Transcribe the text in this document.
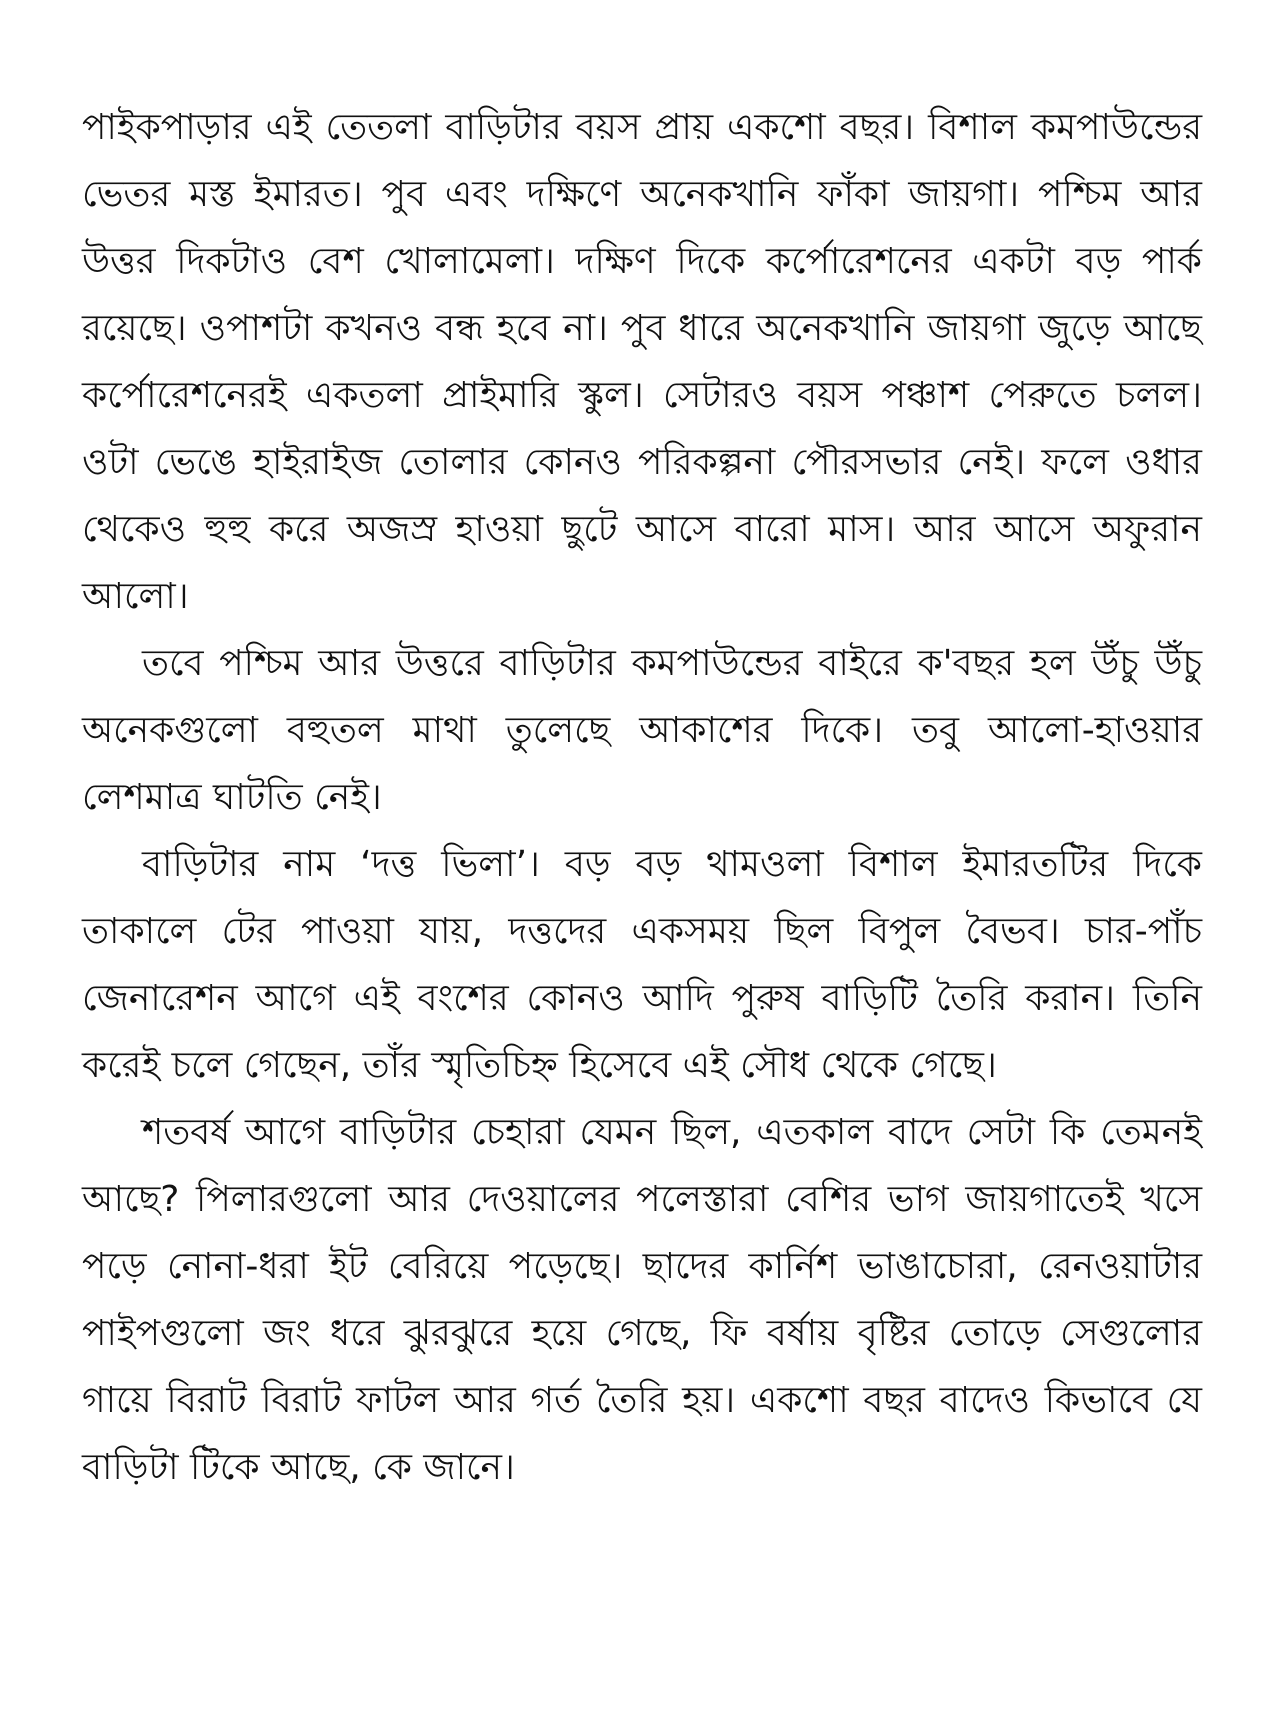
পাইকপাড়ার এই তেতলা বাড়িটার বয়স প্রায় একশো বছর। বিশাল কমপাউন্ডের ভেতর মস্ত ইমারত। পুব এবং দক্ষিণে অনেকখানি ফাঁকা জায়গা। পশ্চিম আর উত্তর দিকটাও বেশ খোলামেলা। দক্ষিণ দিকে কর্পোরেশনের একটা বড় পার্ক রয়েছে। ওপাশটা কখনও বন্ধ হবে না। পুব ধারে অনেকখানি জায়গা জুড়ে আছে কর্পোরেশনেরই একতলা প্রাইমারি স্কুল। সেটারও বয়স পঞ্চাশ পেরুতে চলল। ওটা ভেঙে হাইরাইজ তোলার কোনও পরিকল্পনা পৌরসভার নেই। ফলে ওধার থেকেও হুহু করে অজস্র হাওয়া ছুটে আসে বারো মাস। আর আসে অফুরান আলো।

তবে পশ্চিম আর উত্তরে বাড়িটার কমপাউন্ডের বাইরে ক'বছর হল উঁচু উঁচু অনেকগুলো বহুতল মাথা তুলেছে আকাশের দিকে। তবু আলো-হাওয়ার লেশমাত্র ঘাটতি নেই।

বাড়িটার নাম ‘দত্ত ভিলা’। বড় বড় থামওলা বিশাল ইমারতটির দিকে তাকালে টের পাওয়া যায়, দত্তদের একসময় ছিল বিপুল বৈভব। চার-পাঁচ জেনারেশন আগে এই বংশের কোনও আদি পুরুষ বাড়িটি তৈরি করান। তিনি করেই চলে গেছেন, তাঁর স্মৃতিচিহ্ন হিসেবে এই সৌধ থেকে গেছে।

শতবর্ষ আগে বাড়িটার চেহারা যেমন ছিল, এতকাল বাদে সেটা কি তেমনই আছে? পিলারগুলো আর দেওয়ালের পলেস্তারা বেশির ভাগ জায়গাতেই খসে পড়ে নোনা-ধরা ইট বেরিয়ে পড়েছে। ছাদের কার্নিশ ভাঙাচোরা, রেনওয়াটার পাইপগুলো জং ধরে ঝুরঝুরে হয়ে গেছে, ফি বর্ষায় বৃষ্টির তোড়ে সেগুলোর গায়ে বিরাট বিরাট ফাটল আর গর্ত তৈরি হয়। একশো বছর বাদেও কিভাবে যে বাড়িটা টিকে আছে, কে জানে।
